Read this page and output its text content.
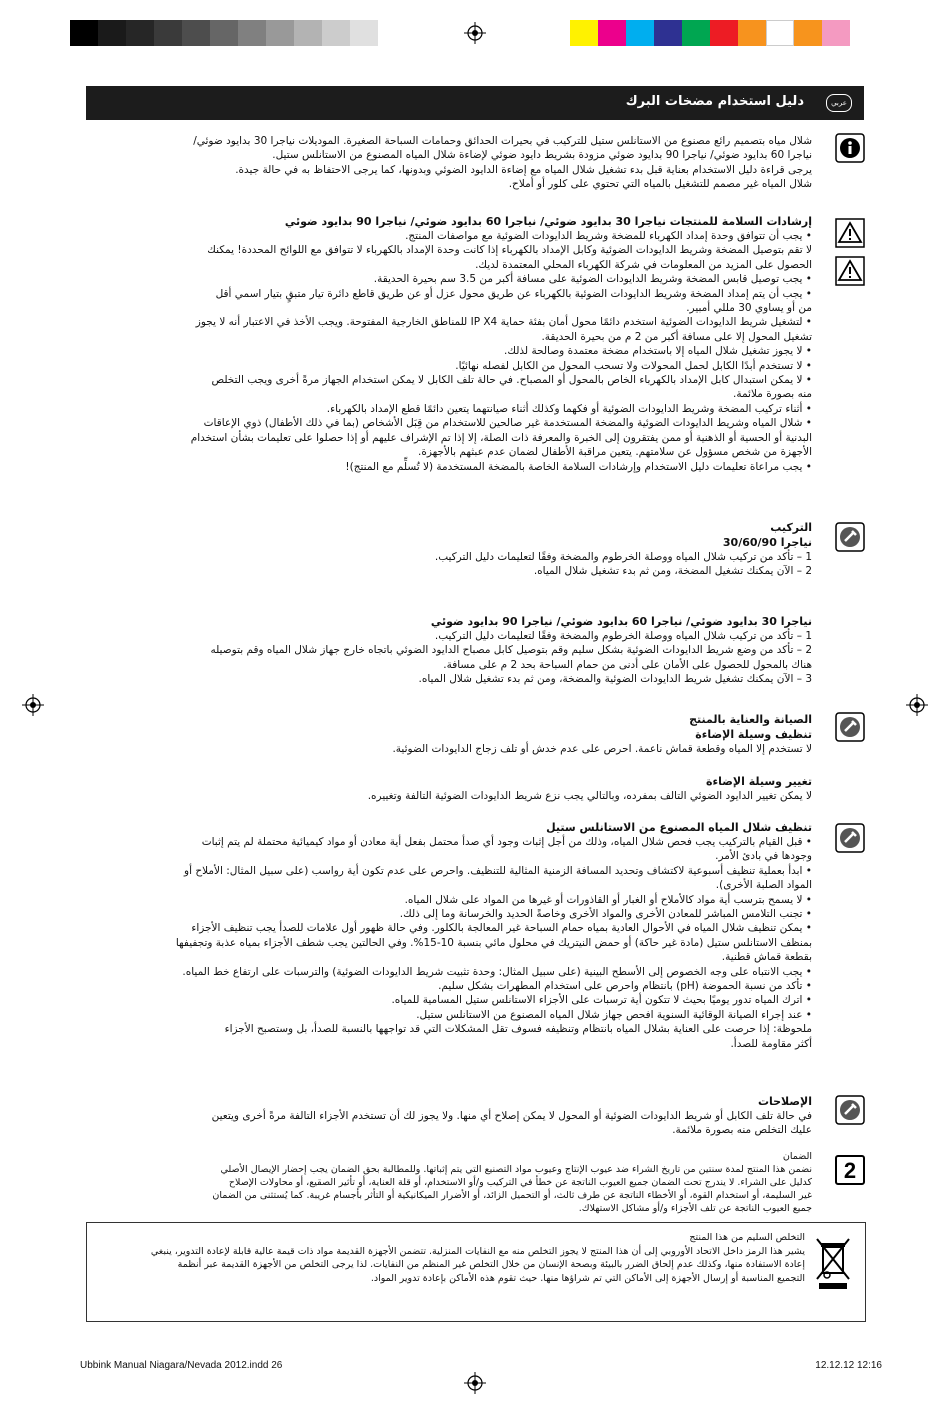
عربي
دليل استخدام مضخات البرك
2

شلال مياه بتصميم رائع مصنوع من الاستانلس ستيل للتركيب في بحيرات الحدائق وحمامات السباحة الصغيرة. الموديلات نياجرا 30 بدايود ضوئي/

نياجرا 60 بدايود ضوئي/ نياجرا 90 بدايود ضوئي مزودة بشريط دايود ضوئي لإضاءة شلال المياه المصنوع من الاستانلس ستيل.

يرجى قراءة دليل الاستخدام بعناية قبل بدء تشغيل شلال المياه مع إضاءة الدايود الضوئي وبدونها، كما يرجى الاحتفاظ به في حالة جيدة.

شلال المياه غير مصمم للتشغيل بالمياه التي تحتوي على كلور أو أملاح.

إرشادات السلامة للمنتجات نياجرا 30 بدايود ضوئي/ نياجرا 60 بدايود ضوئي/ نياجرا 90 بدايود ضوئي

• يجب أن تتوافق وحدة إمداد الكهرباء للمضخة وشريط الدايودات الضوئية مع مواصفات المنتج.

لا تقم بتوصيل المضخة وشريط الدايودات الضوئية وكابل الإمداد بالكهرباء إذا كانت وحدة الإمداد بالكهرباء لا تتوافق مع اللوائح المحددة! يمكنك

الحصول على المزيد من المعلومات في شركة الكهرباء المحلي المعتمدة لديك.

• يجب توصيل قابس المضخة وشريط الدايودات الضوئية على مسافة أكبر من 3.5 سم بحيرة الحديقة.

• يجب أن يتم إمداد المضخة وشريط الدايودات الضوئية بالكهرباء عن طريق محول عزل أو عن طريق قاطع دائرة تيار متبقٍ بتيار اسمي أقل

من أو يساوي 30 مللي أمبير.

• لتشغيل شريط الدايودات الضوئية استخدم دائمًا محول أمان بفئة حماية IP X4 للمناطق الخارجية المفتوحة. ويجب الأخذ في الاعتبار أنه لا يجوز

تشغيل المحول إلا على مسافة أكبر من 2 م من بحيرة الحديقة.

• لا يجوز تشغيل شلال المياه إلا باستخدام مضخة معتمدة وصالحة لذلك.

• لا تستخدم أبدًا الكابل لحمل المحولات ولا تسحب المحول من الكابل لفصله نهائيًا.

• لا يمكن استبدال كابل الإمداد بالكهرباء الخاص بالمحول أو المصباح. في حالة تلف الكابل لا يمكن استخدام الجهاز مرةً أخرى ويجب التخلص

منه بصورة ملائمة.

• أثناء تركيب المضخة وشريط الدايودات الضوئية أو فكهما وكذلك أثناء صيانتهما يتعين دائمًا قطع الإمداد بالكهرباء.

• شلال المياه وشريط الدايودات الضوئية والمضخة المستخدمة غير صالحين للاستخدام من قِبَل الأشخاص (بما في ذلك الأطفال) ذوي الإعاقات

البدنية أو الحسية أو الذهنية أو ممن يفتقرون إلى الخبرة والمعرفة ذات الصلة، إلا إذا تم الإشراف عليهم أو إذا حصلوا على تعليمات بشأن استخدام

الأجهزة من شخص مسؤول عن سلامتهم. يتعين مراقبة الأطفال لضمان عدم عبثهم بالأجهزة.

• يجب مراعاة تعليمات دليل الاستخدام وإرشادات السلامة الخاصة بالمضخة المستخدمة (لا تُسلِّم مع المنتج)!

التركيب
نياجرا 30/60/90

1 – تأكد من تركيب شلال المياه ووصلة الخرطوم والمضخة وفقًا لتعليمات دليل التركيب.

2 – الآن يمكنك تشغيل المضخة، ومن ثم بدء تشغيل شلال المياه.

نياجرا 30 بدايود ضوئي/ نياجرا 60 بدايود ضوئي/ نياجرا 90 بدايود ضوئي

1 – تأكد من تركيب شلال المياه ووصلة الخرطوم والمضخة وفقًا لتعليمات دليل التركيب.

2 – تأكد من وضع شريط الدايودات الضوئية بشكل سليم وقم بتوصيل كابل مصباح الدايود الضوئي باتجاه خارج جهاز شلال المياه وقم بتوصيله

هناك بالمحول للحصول على الأمان على أدنى من حمام السباحة بحد 2 م على مسافة.

3 – الآن يمكنك تشغيل شريط الدايودات الضوئية والمضخة، ومن ثم بدء تشغيل شلال المياه.

الصيانة والعناية بالمنتج
تنظيف وسيلة الإضاءة

لا تستخدم إلا المياه وقطعة قماش ناعمة. احرص على عدم خدش أو تلف زجاج الدايودات الضوئية.

تغيير وسيلة الإضاءة

لا يمكن تغيير الدايود الضوئي التالف بمفرده، وبالتالي يجب نزع شريط الدايودات الضوئية التالفة وتغييره.

تنظيف شلال المياه المصنوع من الاستانلس ستيل

• قبل القيام بالتركيب يجب فحص شلال المياه، وذلك من أجل إثبات وجود أي صدأ محتمل بفعل أية معادن أو مواد كيميائية محتملة لم يتم إثبات

وجودها في بادئ الأمر.

• ابدأ بعملية تنظيف أسبوعية لاكتشاف وتحديد المسافة الزمنية المثالية للتنظيف. واحرص على عدم تكون أية رواسب (على سبيل المثال: الأملاح أو

المواد الصلبة الأخرى).

• لا يسمح بترسب أية مواد كالأملاح أو الغبار أو القاذورات أو غيرها من المواد على شلال المياه.

• تجنب التلامس المباشر للمعادن الأخرى والمواد الأخرى وخاصةً الحديد والخرسانة وما إلى ذلك.

• يمكن تنظيف شلال المياه في الأحوال العادية بمياه حمام السباحة غير المعالجة بالكلور. وفي حالة ظهور أول علامات للصدأ يجب تنظيف الأجزاء

بمنظف الاستانلس ستيل (مادة غير حاكة) أو حمض النيتريك في محلول مائي بنسبة 10-15%. وفي الحالتين يجب شطف الأجزاء بمياه عذبة وتجفيفها

بقطعة قماش قطنية.

• يجب الانتباه على وجه الخصوص إلى الأسطح البينية (على سبيل المثال: وحدة تثبيت شريط الدايودات الضوئية) والترسبات على ارتفاع خط المياه.

• تأكد من نسبة الحموضة (pH) بانتظام واحرص على استخدام المطهرات بشكل سليم.

• اترك المياه تدور يوميًا بحيث لا تتكون أية ترسبات على الأجزاء الاستانلس ستيل المسامية للمياه.

• عند إجراء الصيانة الوقائية السنوية افحص جهاز شلال المياه المصنوع من الاستانلس ستيل.

ملحوظة: إذا حرصت على العناية بشلال المياه بانتظام وتنظيفه فسوف تقل المشكلات التي قد تواجهها بالنسبة للصدأ، بل وستصبح الأجزاء

أكثر مقاومة للصدأ.

الإصلاحات

في حالة تلف الكابل أو شريط الدايودات الضوئية أو المحول لا يمكن إصلاح أي منها. ولا يجوز لك أن تستخدم الأجزاء التالفة مرةً أخرى ويتعين

عليك التخلص منه بصورة ملائمة.

الضمان

نضمن هذا المنتج لمدة سنتين من تاريخ الشراء ضد عيوب الإنتاج وعيوب مواد التصنيع التي يتم إثباتها. وللمطالبة بحق الضمان يجب إحضار الإيصال الأصلي

كدليل على الشراء. لا يندرج تحت الضمان جميع العيوب الناتجة عن خطأ في التركيب و/أو الاستخدام، أو قلة العناية، أو تأثير الصقيع، أو محاولات الإصلاح

غير السليمة، أو استخدام القوة، أو الأخطاء الناتجة عن طرف ثالث، أو التحميل الزائد، أو الأضرار الميكانيكية أو التأثر بأجسام غريبة. كما يُستثنى من الضمان

جميع العيوب الناتجة عن تلف الأجزاء و/أو مشاكل الاستهلاك.

التخلص السليم من هذا المنتج

يشير هذا الرمز داخل الاتحاد الأوروبي إلى أن هذا المنتج لا يجوز التخلص منه مع النفايات المنزلية. تتضمن الأجهزة القديمة مواد ذات قيمة عالية قابلة لإعادة التدوير، ينبغي

إعادة الاستفادة منها، وكذلك عدم إلحاق الضرر بالبيئة وبصحة الإنسان من خلال التخلص غير المنظم من النفايات. لذا يرجى التخلص من الأجهزة القديمة عبر أنظمة

التجميع المناسبة أو إرسال الأجهزة إلى الأماكن التي تم شراؤها منها. حيث تقوم هذه الأماكن بإعادة تدوير المواد.

Ubbink Manual Niagara/Nevada 2012.indd 26	12.12.12 12:16
